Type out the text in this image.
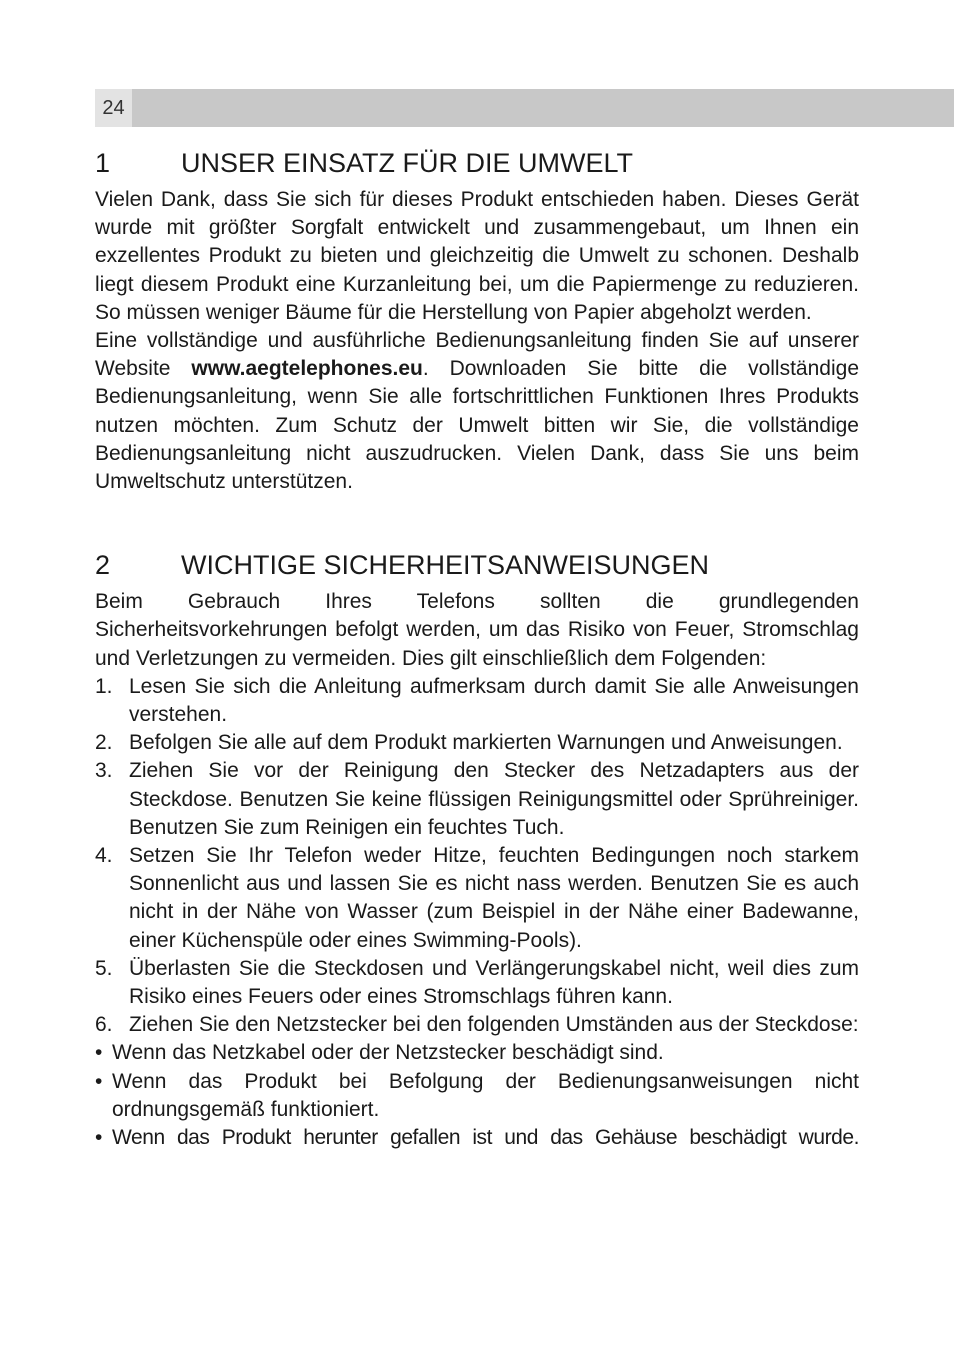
24
1	UNSER EINSATZ FÜR DIE UMWELT

Vielen Dank, dass Sie sich für dieses Produkt entschieden haben. Dieses Gerät wurde mit größter Sorgfalt entwickelt und zusammengebaut, um Ihnen ein exzellentes Produkt zu bieten und gleichzeitig die Umwelt zu schonen. Deshalb liegt diesem Produkt eine Kurzanleitung bei, um die Papiermenge zu reduzieren. So müssen weniger Bäume für die Herstellung von Papier abgeholzt werden.

Eine vollständige und ausführliche Bedienungsanleitung finden Sie auf unserer Website www.aegtelephones.eu. Downloaden Sie bitte die vollständige Bedienungsanleitung, wenn Sie alle fortschrittlichen Funktionen Ihres Produkts nutzen möchten. Zum Schutz der Umwelt bitten wir Sie, die vollständige Bedienungsanleitung nicht auszudrucken. Vielen Dank, dass Sie uns beim Umweltschutz unterstützen.

2	WICHTIGE SICHERHEITSANWEISUNGEN

Beim Gebrauch Ihres Telefons sollten die grundlegenden Sicherheitsvorkehrungen befolgt werden, um das Risiko von Feuer, Stromschlag und Verletzungen zu vermeiden. Dies gilt einschließlich dem Folgenden:

1. Lesen Sie sich die Anleitung aufmerksam durch damit Sie alle Anweisungen verstehen.
2. Befolgen Sie alle auf dem Produkt markierten Warnungen und Anweisungen.
3. Ziehen Sie vor der Reinigung den Stecker des Netzadapters aus der Steckdose. Benutzen Sie keine flüssigen Reinigungsmittel oder Sprühreiniger. Benutzen Sie zum Reinigen ein feuchtes Tuch.
4. Setzen Sie Ihr Telefon weder Hitze, feuchten Bedingungen noch starkem Sonnenlicht aus und lassen Sie es nicht nass werden. Benutzen Sie es auch nicht in der Nähe von Wasser (zum Beispiel in der Nähe einer Badewanne, einer Küchenspüle oder eines Swimming-Pools).
5. Überlasten Sie die Steckdosen und Verlängerungskabel nicht, weil dies zum Risiko eines Feuers oder eines Stromschlags führen kann.
6. Ziehen Sie den Netzstecker bei den folgenden Umständen aus der Steckdose:
• Wenn das Netzkabel oder der Netzstecker beschädigt sind.
• Wenn das Produkt bei Befolgung der Bedienungsanweisungen nicht ordnungsgemäß funktioniert.
• Wenn das Produkt herunter gefallen ist und das Gehäuse beschädigt wurde.
